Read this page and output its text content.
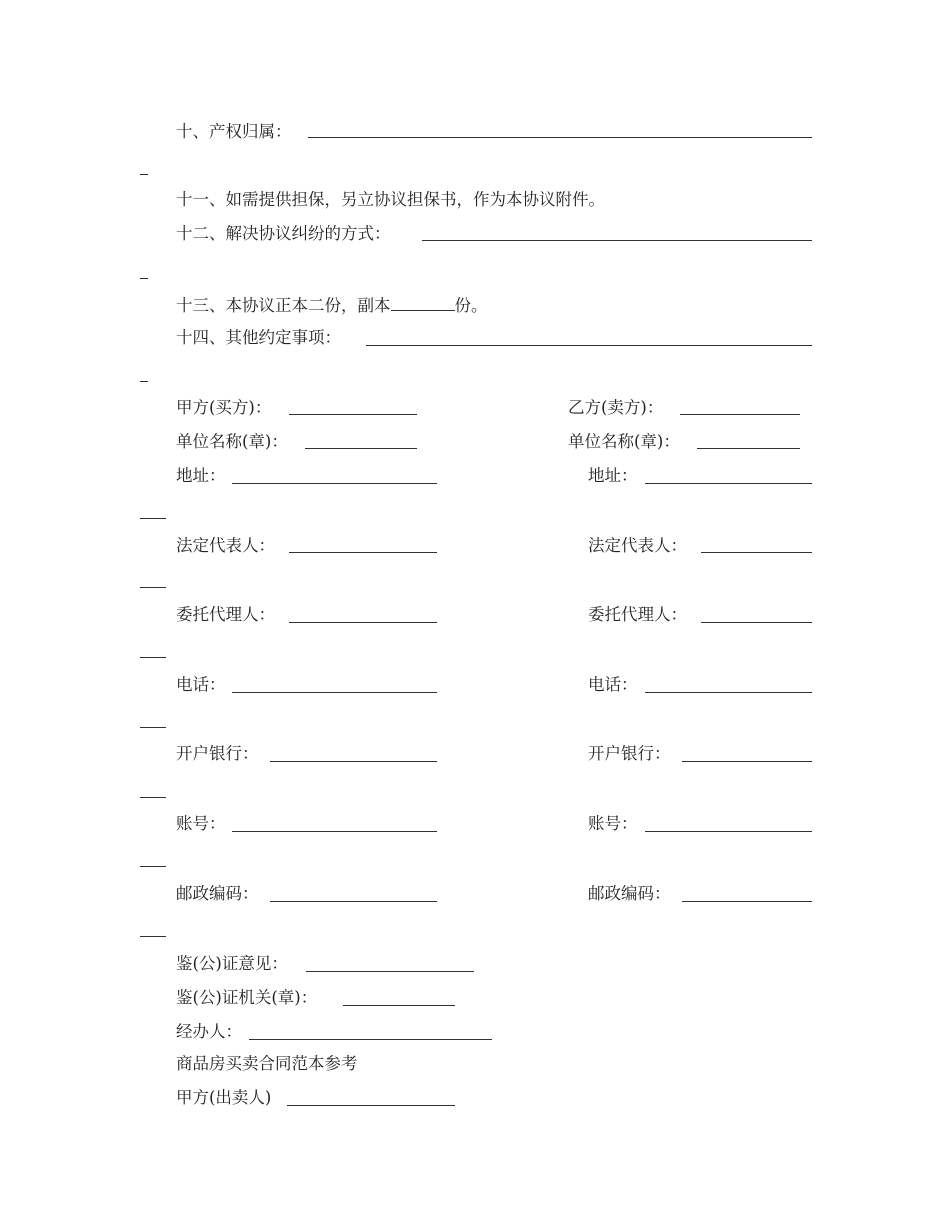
十、产权归属：
十一、如需提供担保，另立协议担保书，作为本协议附件。
十二、解决协议纠纷的方式：
十三、本协议正本二份，副本	份。
十四、其他约定事项：
甲方(买方)：	乙方(卖方)：
单位名称(章)：	单位名称(章)：
地址：	地址：
法定代表人：	法定代表人：
委托代理人：	委托代理人：
电话：	电话：
开户银行：	开户银行：
账号：	账号：
邮政编码：	邮政编码：
鉴(公)证意见：
鉴(公)证机关(章)：
经办人：
商品房买卖合同范本参考
甲方(出卖人)
